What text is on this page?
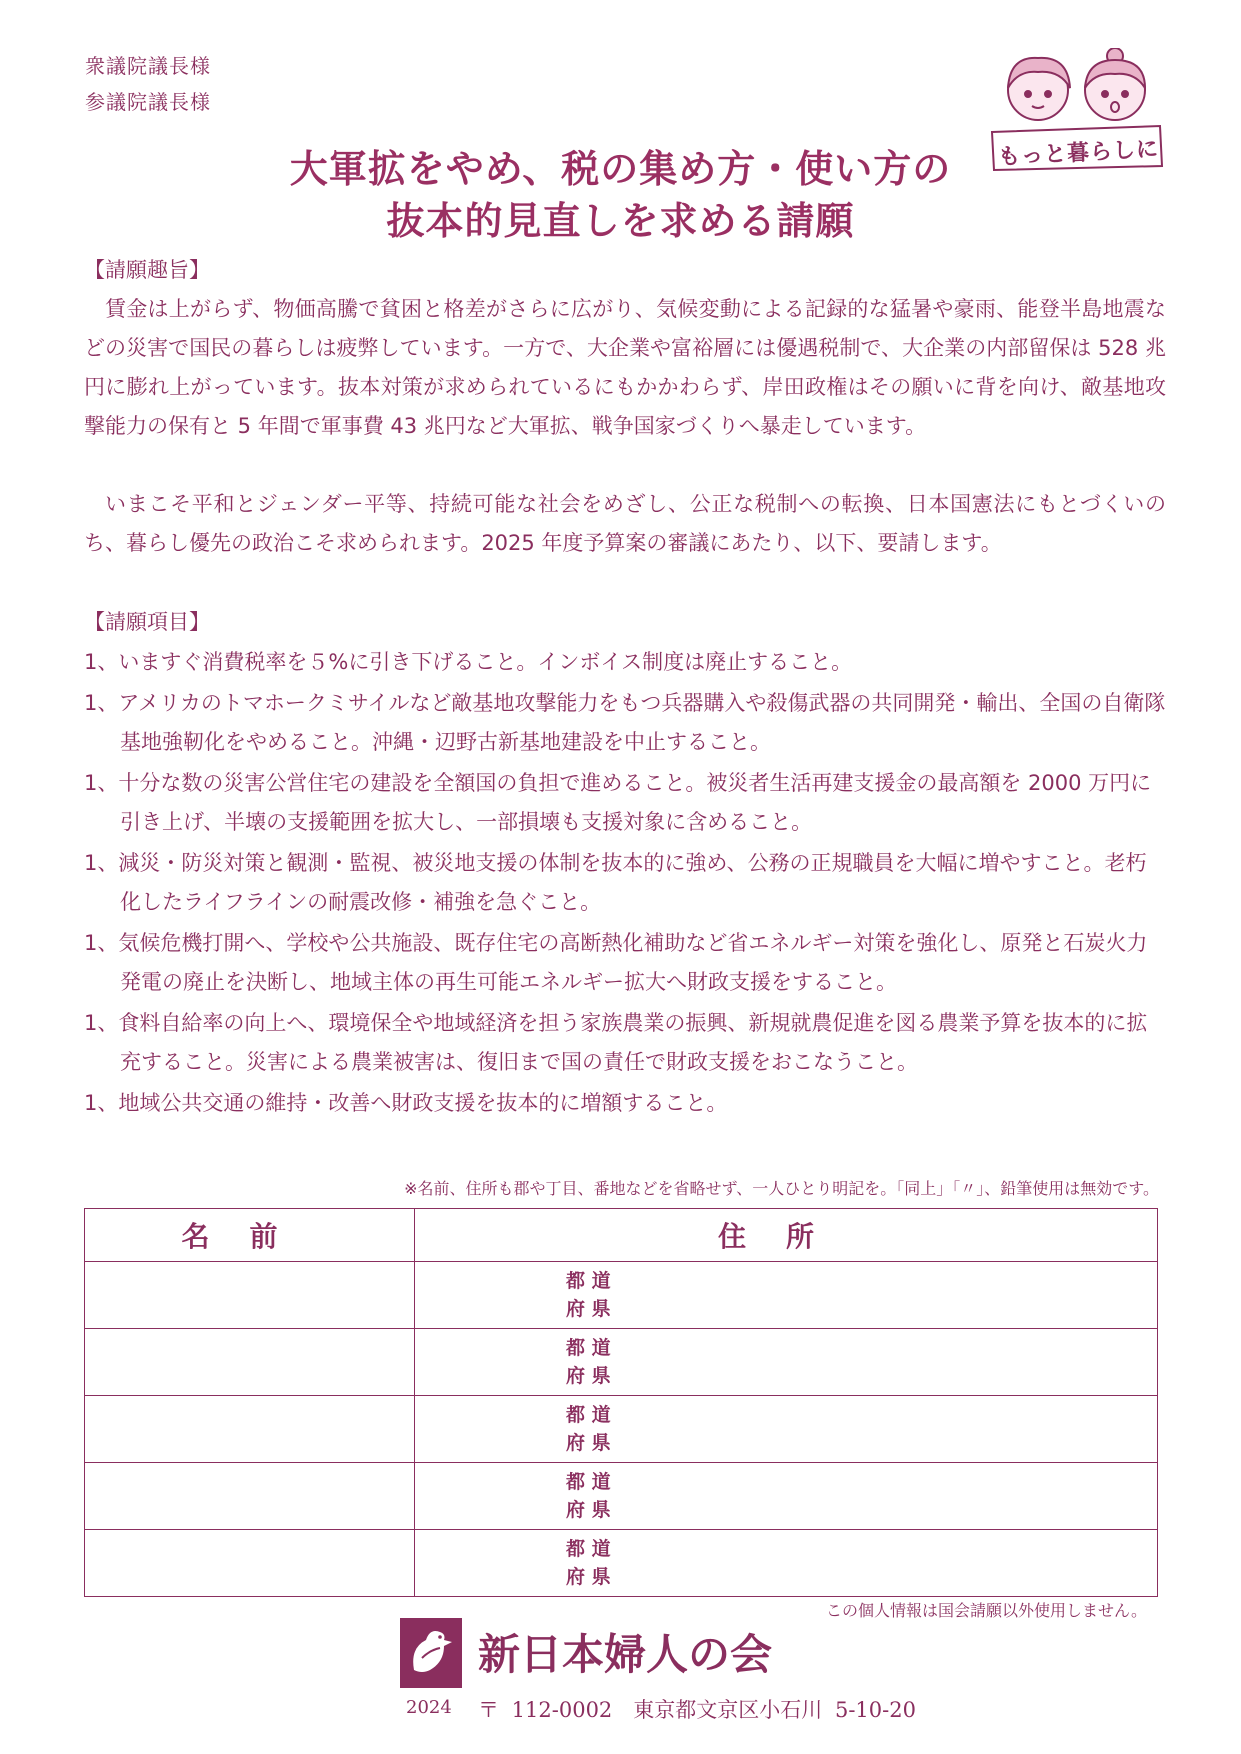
衆議院議長様
参議院議長様
もっと暮らしに
大軍拡をやめ、税の集め方・使い方の
抜本的見直しを求める請願
【請願趣旨】

賃金は上がらず、物価高騰で貧困と格差がさらに広がり、気候変動による記録的な猛暑や豪雨、能登半島地震などの災害で国民の暮らしは疲弊しています。一方で、大企業や富裕層には優遇税制で、大企業の内部留保は 528 兆円に膨れ上がっています。抜本対策が求められているにもかかわらず、岸田政権はその願いに背を向け、敵基地攻撃能力の保有と 5 年間で軍事費 43 兆円など大軍拡、戦争国家づくりへ暴走しています。

いまこそ平和とジェンダー平等、持続可能な社会をめざし、公正な税制への転換、日本国憲法にもとづくいのち、暮らし優先の政治こそ求められます。2025 年度予算案の審議にあたり、以下、要請します。

【請願項目】
1、いますぐ消費税率を５%に引き下げること。インボイス制度は廃止すること。
1、アメリカのトマホークミサイルなど敵基地攻撃能力をもつ兵器購入や殺傷武器の共同開発・輸出、全国の自衛隊基地強靭化をやめること。沖縄・辺野古新基地建設を中止すること。
1、十分な数の災害公営住宅の建設を全額国の負担で進めること。被災者生活再建支援金の最高額を 2000 万円に引き上げ、半壊の支援範囲を拡大し、一部損壊も支援対象に含めること。
1、減災・防災対策と観測・監視、被災地支援の体制を抜本的に強め、公務の正規職員を大幅に増やすこと。老朽化したライフラインの耐震改修・補強を急ぐこと。
1、気候危機打開へ、学校や公共施設、既存住宅の高断熱化補助など省エネルギー対策を強化し、原発と石炭火力発電の廃止を決断し、地域主体の再生可能エネルギー拡大へ財政支援をすること。
1、食料自給率の向上へ、環境保全や地域経済を担う家族農業の振興、新規就農促進を図る農業予算を抜本的に拡充すること。災害による農業被害は、復旧まで国の責任で財政支援をおこなうこと。
1、地域公共交通の維持・改善へ財政支援を抜本的に増額すること。
※名前、住所も郡や丁目、番地などを省略せず、一人ひとり明記を。「同上」「〃」、鉛筆使用は無効です。
名前	住所

	都 道
府 県

	都 道
府 県

	都 道
府 県

	都 道
府 県

	都 道
府 県
この個人情報は国会請願以外使用しません。
新日本婦人の会
2024 〒 112-0002　東京都文京区小石川 5-10-20
